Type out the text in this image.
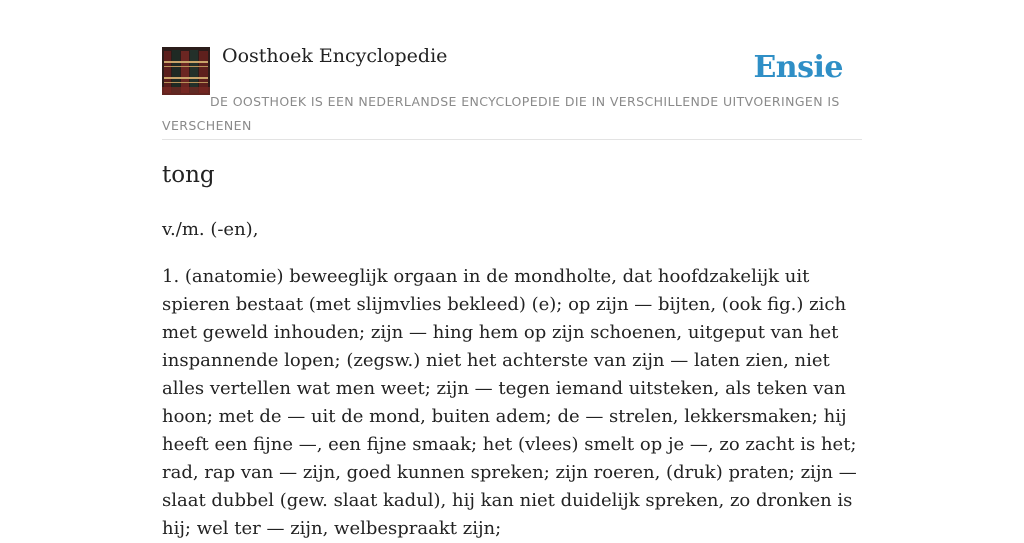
Oosthoek Encyclopedie	Ensie
DE OOSTHOEK IS EEN NEDERLANDSE ENCYCLOPEDIE DIE IN VERSCHILLENDE UITVOERINGEN IS VERSCHENEN
tong

v./m. (-en),

1. (anatomie) beweeglijk orgaan in de mondholte, dat hoofdzakelijk uit spieren bestaat (met slijmvlies bekleed) (e); op zijn — bijten, (ook fig.) zich met geweld inhouden; zijn — hing hem op zijn schoenen, uitgeput van het inspannende lopen; (zegsw.) niet het achterste van zijn — laten zien, niet alles vertellen wat men weet; zijn — tegen iemand uitsteken, als teken van hoon; met de — uit de mond, buiten adem; de — strelen, lekkersmaken; hij heeft een fijne —, een fijne smaak; het (vlees) smelt op je —, zo zacht is het; rad, rap van — zijn, goed kunnen spreken; zijn roeren, (druk) praten; zijn — slaat dubbel (gew. slaat kadul), hij kan niet duidelijk spreken, zo dronken is hij; wel ter — zijn, welbespraakt zijn;
